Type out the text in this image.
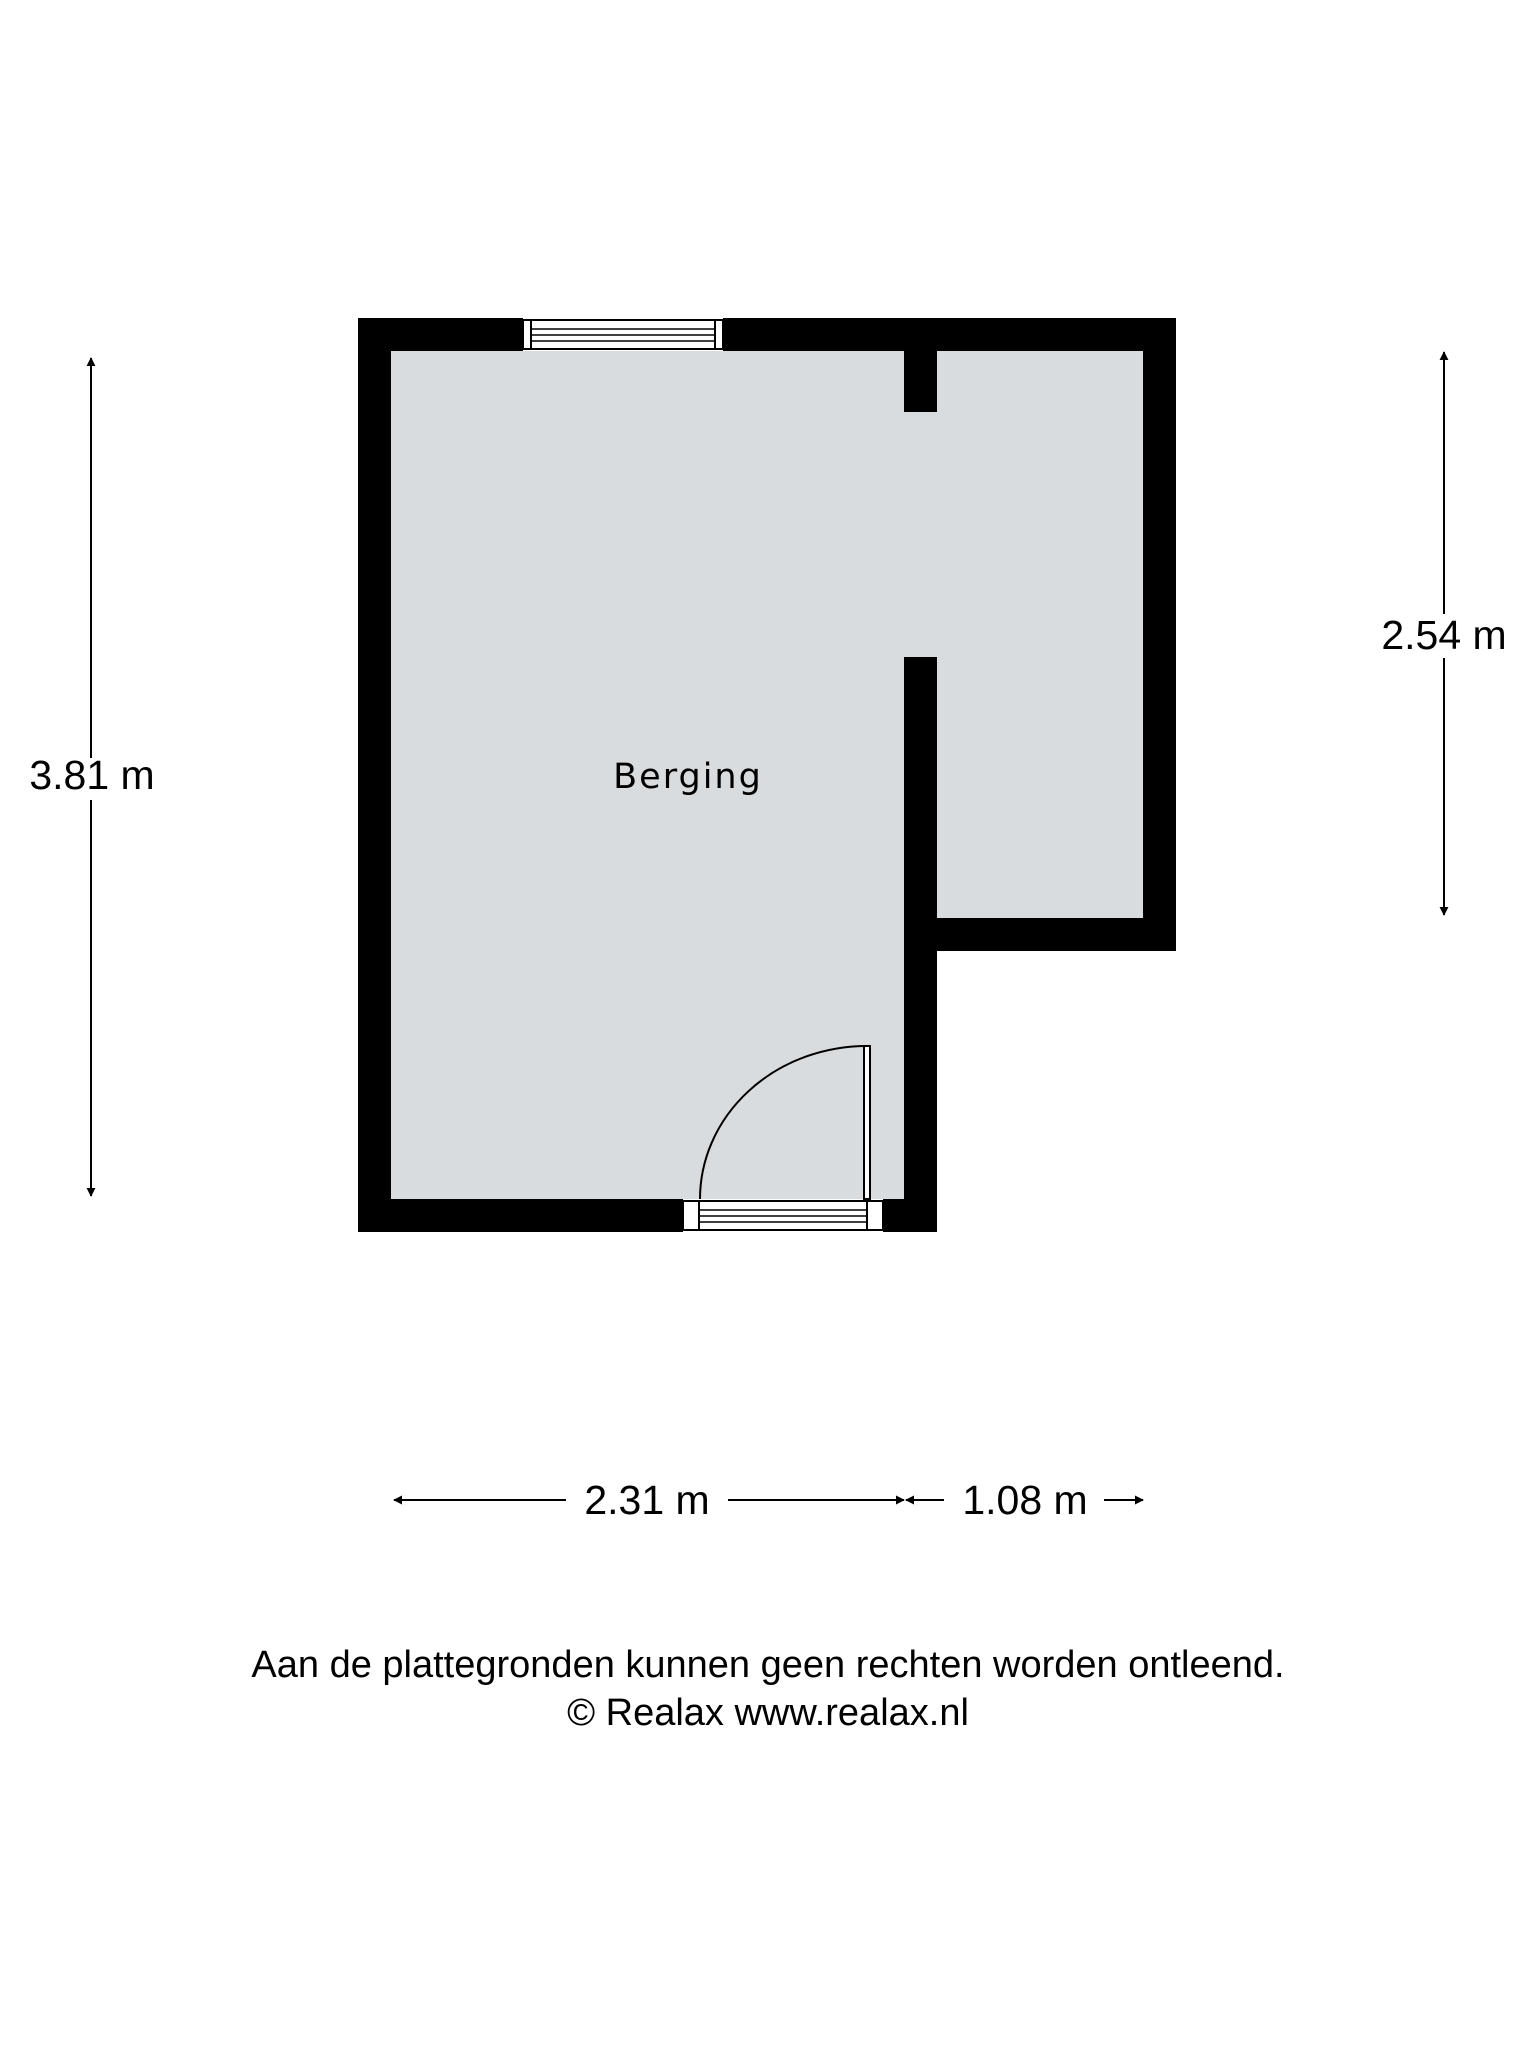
Berging
3.81 m
2.54 m
2.31 m	1.08 m
Aan de plattegronden kunnen geen rechten worden ontleend.
© Realax www.realax.nl
